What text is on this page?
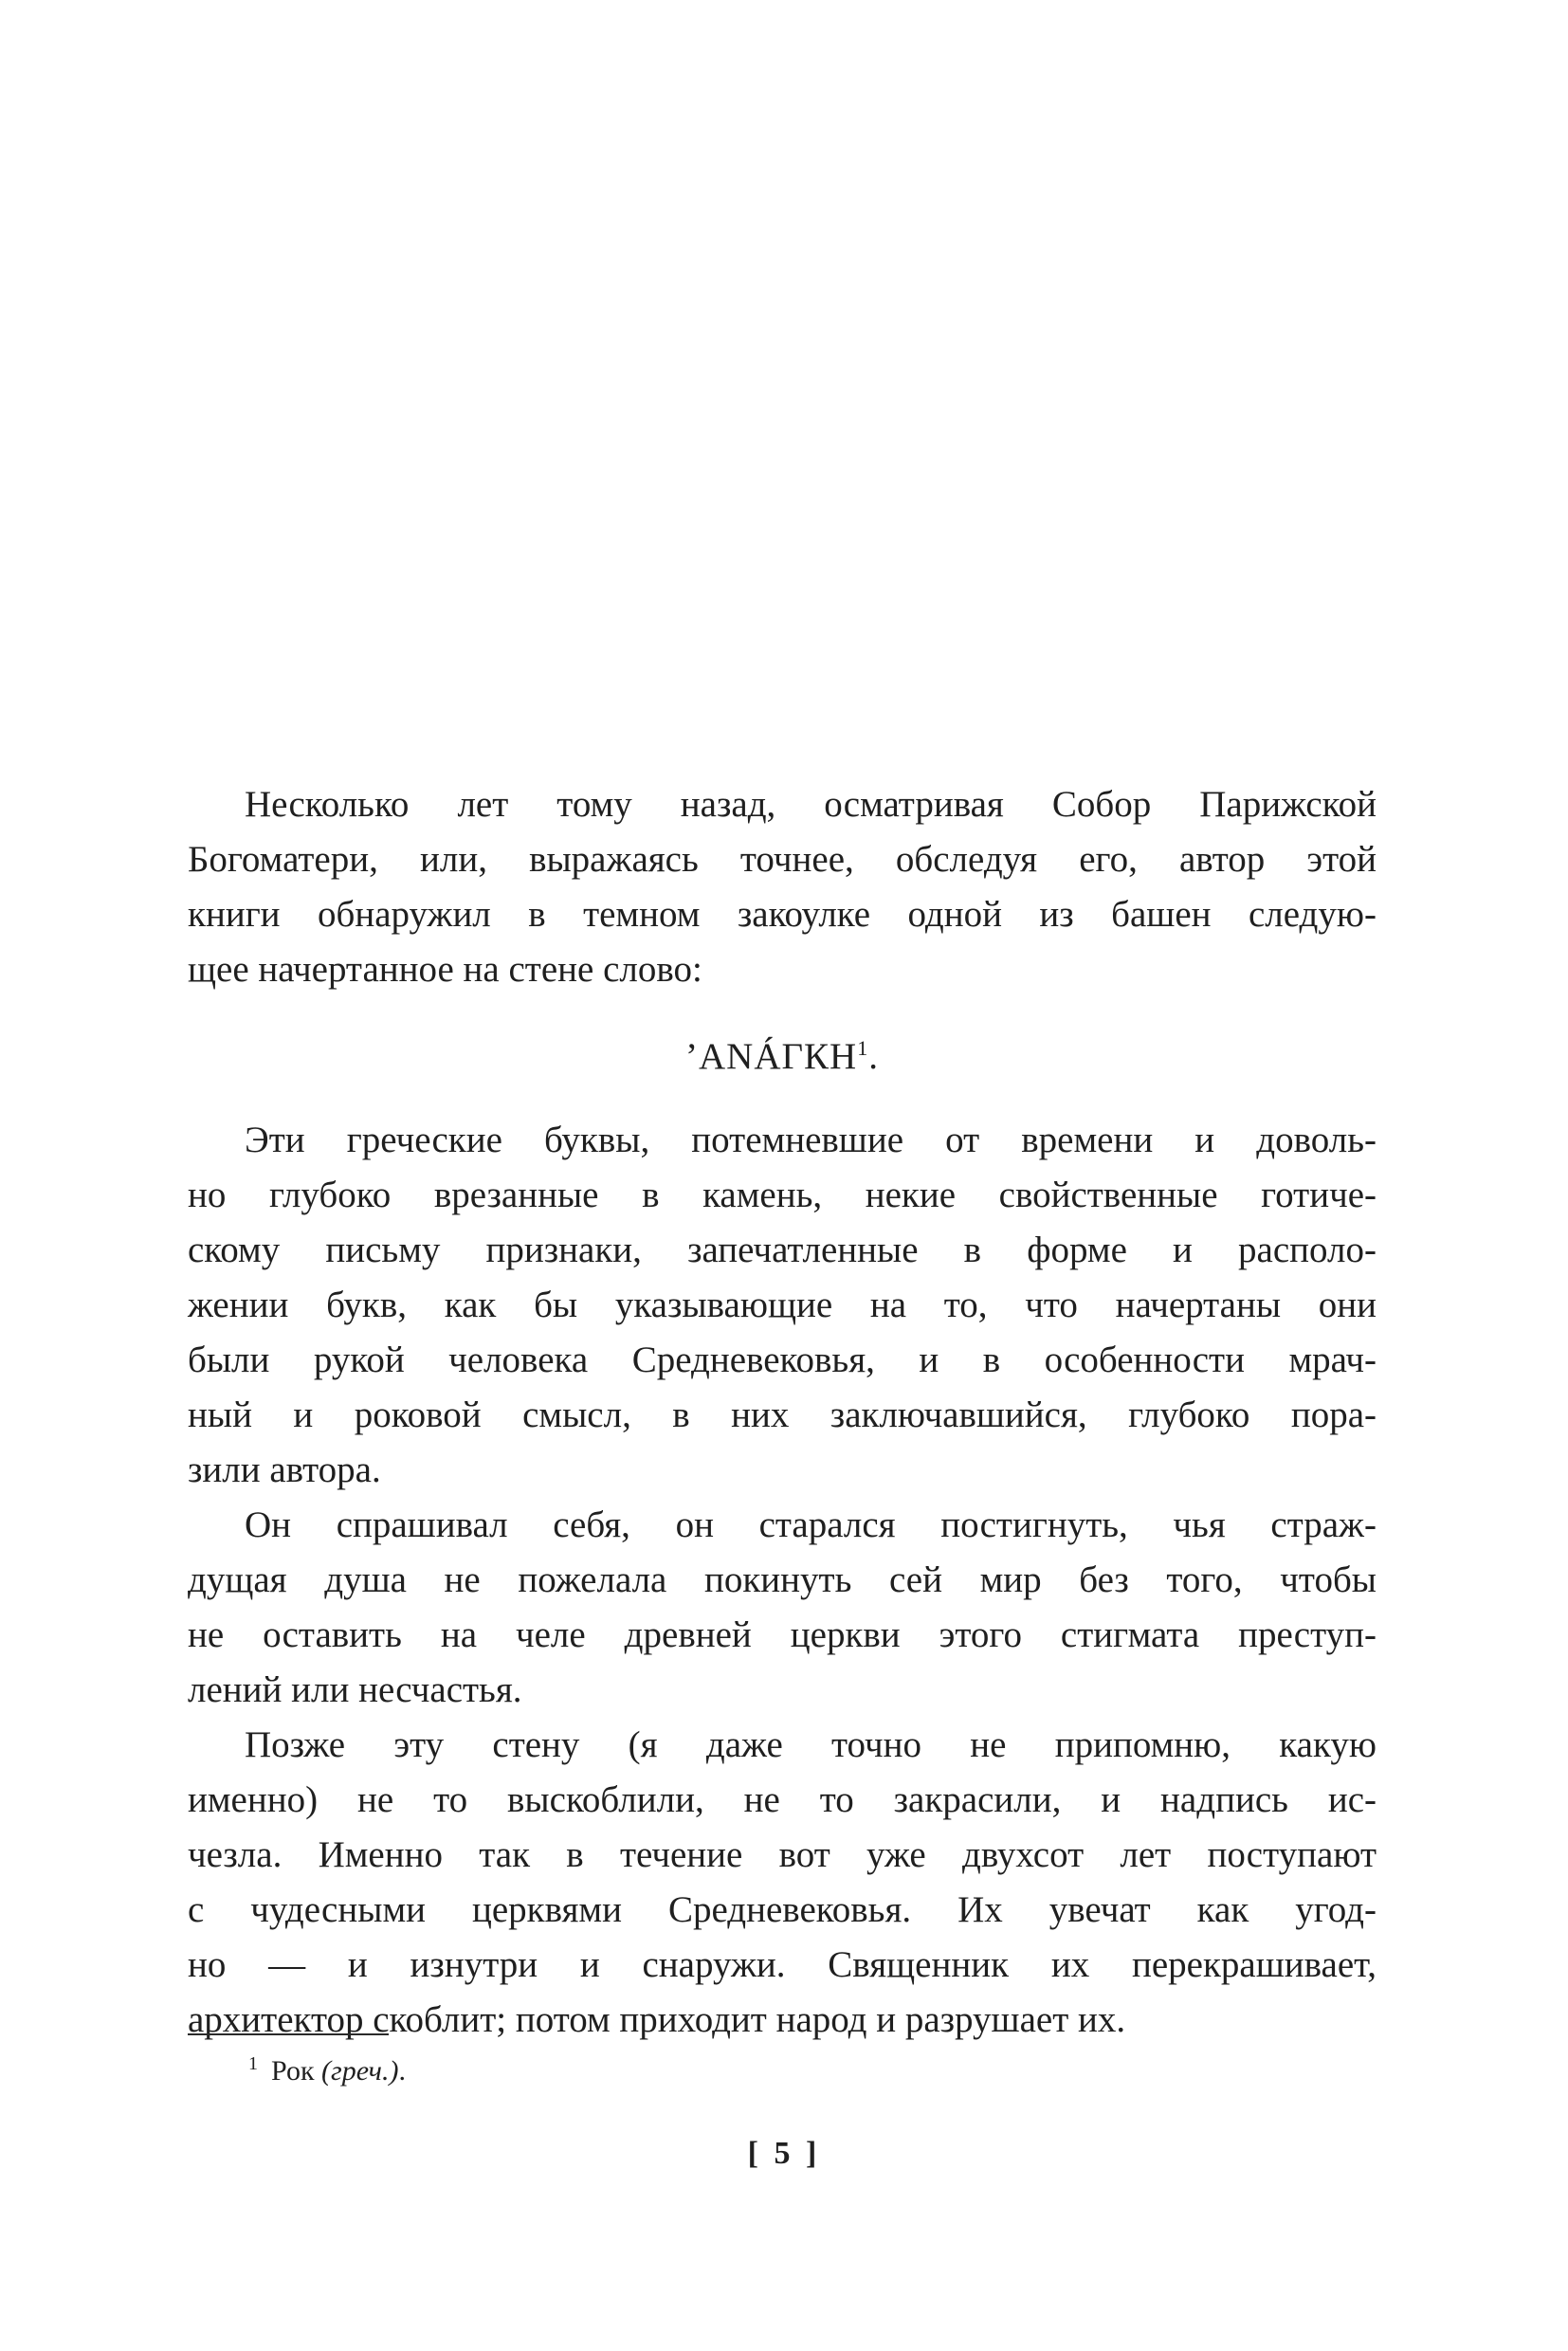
Несколько лет тому назад, осматривая Собор Парижской
Богоматери, или, выражаясь точнее, обследуя его, автор этой
книги обнаружил в темном закоулке одной из башен следую-
щее начертанное на стене слово:
’ANÁГКН$^1$.
Эти греческие буквы, потемневшие от времени и доволь-
но глубоко врезанные в камень, некие свойственные готиче-
скому письму признаки, запечатленные в форме и располо-
жении букв, как бы указывающие на то, что начертаны они
были рукой человека Средневековья, и в особенности мрач-
ный и роковой смысл, в них заключавшийся, глубоко пора-
зили автора.
Он спрашивал себя, он старался постигнуть, чья страж-
дущая душа не пожелала покинуть сей мир без того, чтобы
не оставить на челе древней церкви этого стигмата преступ-
лений или несчастья.
Позже эту стену (я даже точно не припомню, какую
именно) не то выскоблили, не то закрасили, и надпись ис-
чезла. Именно так в течение вот уже двухсот лет поступают
с чудесными церквями Средневековья. Их увечат как угод-
но — и изнутри и снаружи. Священник их перекрашивает,
архитектор скоблит; потом приходит народ и разрушает их.
$^1$ Рок (греч.).
[ 5 ]
